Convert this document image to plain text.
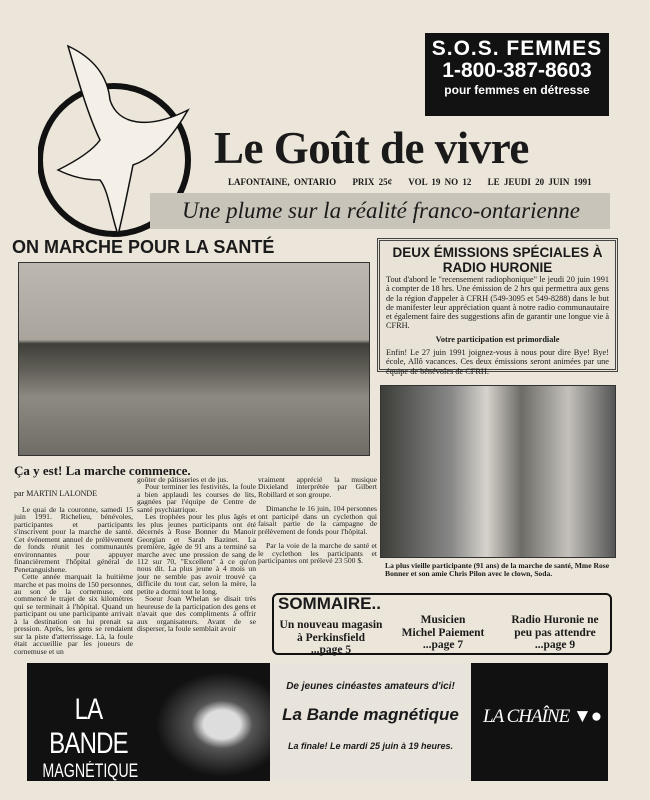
S.O.S. FEMMES
1-800-387-8603
pour femmes en détresse
Le Goût de vivre
LAFONTAINE, ONTARIO PRIX 25¢ VOL 19 NO 12 LE JEUDI 20 JUIN 1991
Une plume sur la réalité franco-ontarienne
ON MARCHE POUR LA SANTÉ	DEUX ÉMISSIONS SPÉCIALES À RADIO HURONIE

Tout d'abord le "recensement radiophonique" le jeudi 20 juin 1991 à compter de 18 hrs. Une émission de 2 hrs qui permettra aux gens de la région d'appeler à CFRH (549-3095 et 549-8288) dans le but de manifester leur appréciation quant à notre radio communautaire et également faire des suggestions afin de garantir une longue vie à CFRH.

Votre participation est primordiale

Enfin! Le 27 juin 1991 joignez-vous à nous pour dire Bye! Bye! école, Allô vacances. Ces deux émissions seront animées par une équipe de bénévoles de CFRH.

La plus vieille participante (91 ans) de la marche de santé, Mme Rose Bonner et son amie Chris Pilon avec le clown, Soda.
Ça y est! La marche commence.
par MARTIN LALONDE

Le quai de la couronne, samedi 15 juin 1991. Richelieu, bénévoles, participantes et participants s'inscrivent pour la marche de santé. Cet événement annuel de prélèvement de fonds réunit les communautés environnantes pour appuyer financièrement l'hôpital général de Penetanguishene.

Cette année marquait la huitième marche et pas moins de 150 personnes, au son de la cornemuse, ont commencé le trajet de six kilomètres qui se terminait à l'hôpital. Quand un participant ou une participante arrivait à la destination on lui prenait sa pression. Après, les gens se rendaient sur la piste d'atterrissage. Là, la foule était accueillie par les joueurs de cornemuse et un

goûter de pâtisseries et de jus.

Pour terminer les festivités, la foule a bien applaudi les courses de lits, gagnées par l'équipe de Centre de santé psychiatrique.

Les trophées pour les plus âgés et les plus jeunes participants ont été décernés à Rose Bonner du Manoir Georgian et Sarah Bazinet. La première, âgée de 91 ans a terminé sa marche avec une pression de sang de 112 sur 70, "Excellent" à ce qu'on nous dit. La plus jeune à 4 mois un jour ne semble pas avoir trouvé ça difficile du tout car, selon la mère, la petite a dormi tout le long.

Soeur Joan Whelan se disait très heureuse de la participation des gens et n'avait que des compliments à offrir aux organisateurs. Avant de se disperser, la foule semblait avoir

vraiment apprécié la musique Dixieland interprétée par Gilbert Robillard et son groupe.

Dimanche le 16 juin, 104 personnes ont participé dans un cyclethon qui faisait partie de la campagne de prélèvement de fonds pour l'hôpital.

Par la voie de la marche de santé et le cyclethon les participants et participantes ont prélevé 23 500 $.

SOMMAIRE..
Un nouveau magasin
à Perkinsfield
...page 5
Musicien
Michel Paiement
...page 7
Radio Huronie ne
peu pas attendre
...page 9
LA BANDE
MAGNÉTIQUE
De jeunes cinéastes amateurs d'ici!
La Bande magnétique
La finale! Le mardi 25 juin à 19 heures.
LA CHAÎNE ▼●
